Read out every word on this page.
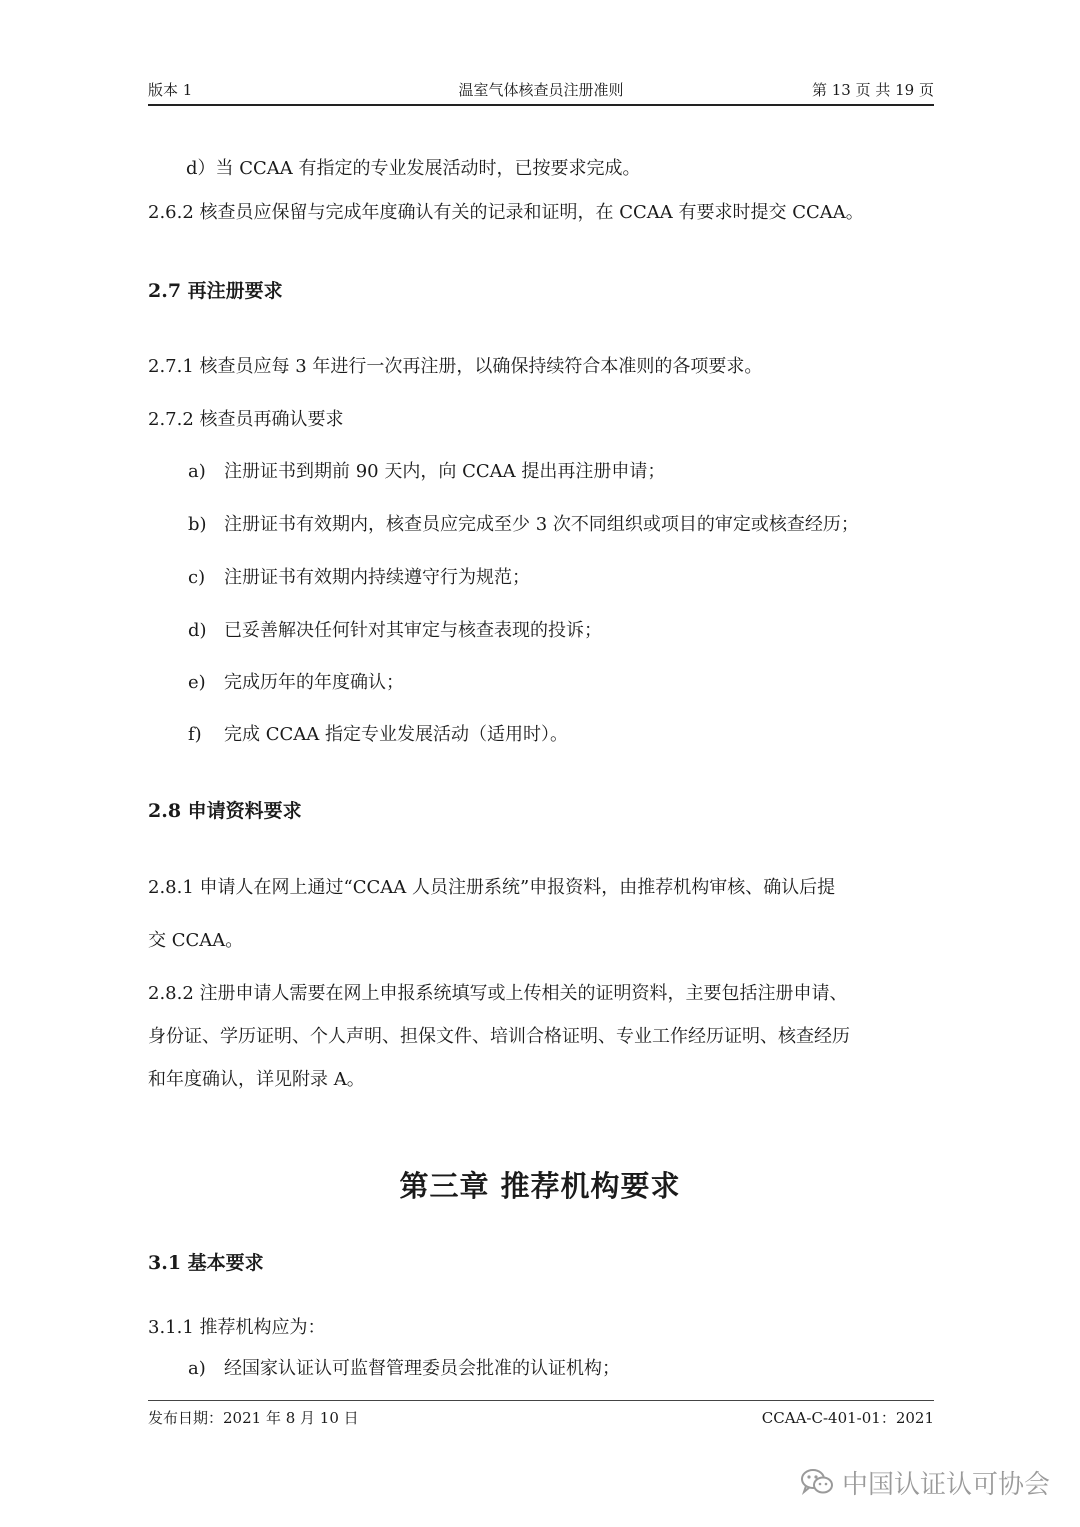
版本 1	温室气体核查员注册准则	第 13 页 共 19 页
d）当 CCAA 有指定的专业发展活动时，已按要求完成。
2.6.2 核查员应保留与完成年度确认有关的记录和证明，在 CCAA 有要求时提交 CCAA。
2.7 再注册要求
2.7.1 核查员应每 3 年进行一次再注册，以确保持续符合本准则的各项要求。
2.7.2 核查员再确认要求
a) 注册证书到期前 90 天内，向 CCAA 提出再注册申请；
b) 注册证书有效期内，核查员应完成至少 3 次不同组织或项目的审定或核查经历；
c) 注册证书有效期内持续遵守行为规范；
d) 已妥善解决任何针对其审定与核查表现的投诉；
e) 完成历年的年度确认；
f) 完成 CCAA 指定专业发展活动（适用时）。
2.8 申请资料要求
2.8.1 申请人在网上通过“CCAA 人员注册系统”申报资料，由推荐机构审核、确认后提
交 CCAA。
2.8.2 注册申请人需要在网上申报系统填写或上传相关的证明资料，主要包括注册申请、
身份证、学历证明、个人声明、担保文件、培训合格证明、专业工作经历证明、核查经历
和年度确认，详见附录 A。
第三章 推荐机构要求
3.1 基本要求
3.1.1 推荐机构应为：
a) 经国家认证认可监督管理委员会批准的认证机构；
发布日期：2021 年 8 月 10 日	CCAA-C-401-01：2021
中国认证认可协会
